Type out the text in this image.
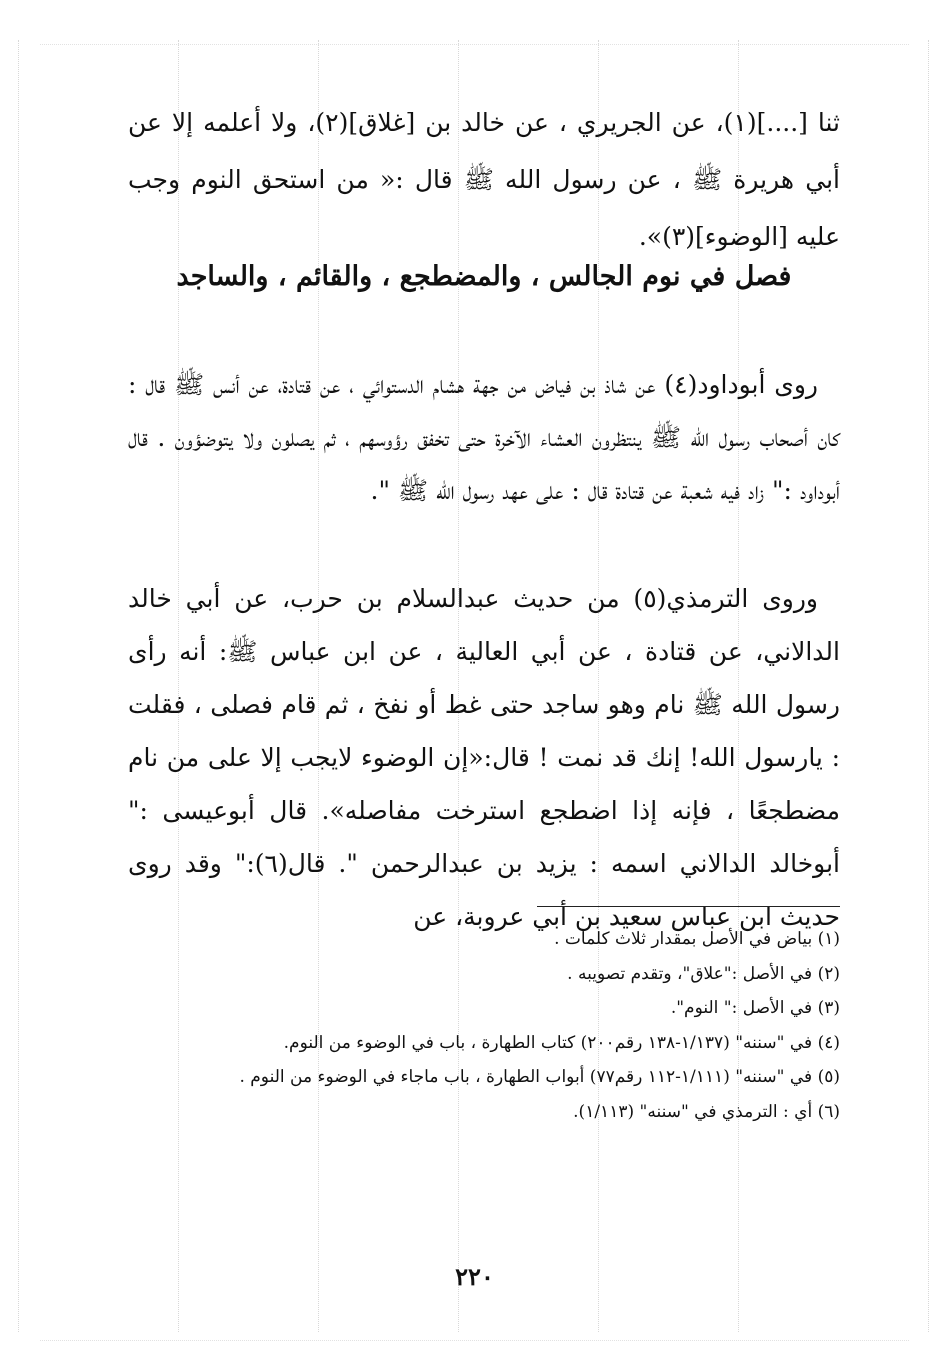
ثنا [....](١)، عن الجريري ، عن خالد بن [غلاق](٢)، ولا أعلمه إلا عن أبي هريرة ﷺ ، عن رسول الله ﷺ قال :« من استحق النوم وجب عليه [الوضوء](٣)».
فصل في نوم الجالس ، والمضطجع ، والقائم ، والساجد

روى أبوداود(٤) عن شاذ بن فياض من جهة هشام الدستوائي ، عن قتادة، عن أنس ﷺ قال : كان أصحاب رسول الله ﷺ ينتظرون العشاء الآخرة حتى تخفق رؤوسهم ، ثم يصلون ولا يتوضؤون . قال أبوداود :" زاد فيه شعبة عن قتادة قال : على عهد رسول الله ﷺ ".

وروى الترمذي(٥) من حديث عبدالسلام بن حرب، عن أبي خالد الدالاني، عن قتادة ، عن أبي العالية ، عن ابن عباس ﷺ: أنه رأى رسول الله ﷺ نام وهو ساجد حتى غط أو نفخ ، ثم قام فصلى ، فقلت : يارسول الله! إنك قد نمت ! قال:«إن الوضوء لايجب إلا على من نام مضطجعًا ، فإنه إذا اضطجع استرخت مفاصله». قال أبوعيسى :" أبوخالد الدالاني اسمه : يزيد بن عبدالرحمن ". قال(٦):" وقد روى حديث ابن عباس سعيد بن أبي عروبة، عن

(١) بياض في الأصل بمقدار ثلاث كلمات .
(٢) في الأصل :"علاق"، وتقدم تصويبه .
(٣) في الأصل :" النوم".
(٤) في "سننه" (١/١٣٧-١٣٨ رقم٢٠٠) كتاب الطهارة ، باب في الوضوء من النوم.
(٥) في "سننه" (١/١١١-١١٢ رقم٧٧) أبواب الطهارة ، باب ماجاء في الوضوء من النوم .
(٦) أي : الترمذي في "سننه" (١/١١٣).
٢٢٠
